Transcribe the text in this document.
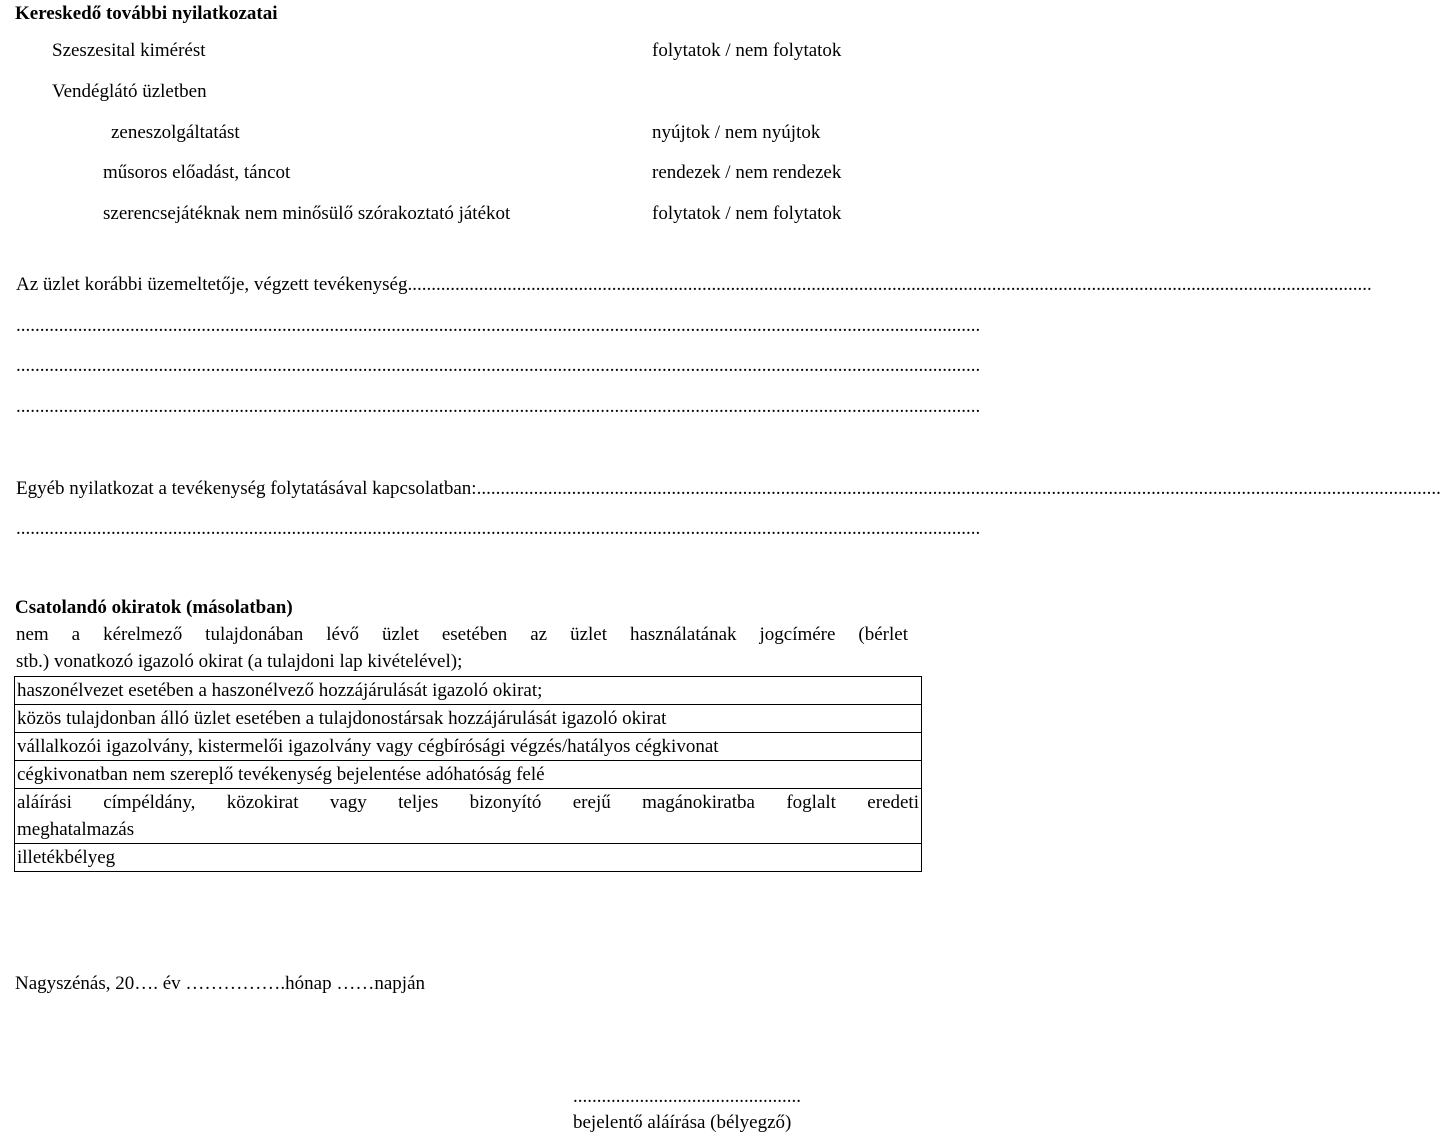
Kereskedő további nyilatkozatai
Szeszesital kimérést	folytatok / nem folytatok
Vendéglátó üzletben
zeneszolgáltatást	nyújtok / nem nyújtok
műsoros előadást, táncot	rendezek / nem rendezek
szerencsejátéknak nem minősülő szórakoztató játékot	folytatok / nem folytatok
Az üzlet korábbi üzemeltetője, végzett tevékenység...........................................................................................................................................................................................................
...........................................................................................................................................................................................................
...........................................................................................................................................................................................................
...........................................................................................................................................................................................................
Egyéb nyilatkozat a tevékenység folytatásával kapcsolatban:...........................................................................................................................................................................................................
...........................................................................................................................................................................................................
Csatolandó okiratok (másolatban)
nem a kérelmező tulajdonában lévő üzlet esetében az üzlet használatának jogcímére (bérlet
stb.) vonatkozó igazoló okirat (a tulajdoni lap kivételével);
haszonélvezet esetében a haszonélvező hozzájárulását igazoló okirat;
közös tulajdonban álló üzlet esetében a tulajdonostársak hozzájárulását igazoló okirat
vállalkozói igazolvány, kistermelői igazolvány vagy cégbírósági végzés/hatályos cégkivonat
cégkivonatban nem szereplő tevékenység bejelentése adóhatóság felé
aláírási címpéldány, közokirat vagy teljes bizonyító erejű magánokiratba foglalt eredeti
meghatalmazás
illetékbélyeg
Nagyszénás, 20…. év …………….hónap ……napján
................................................
bejelentő aláírása (bélyegző)
